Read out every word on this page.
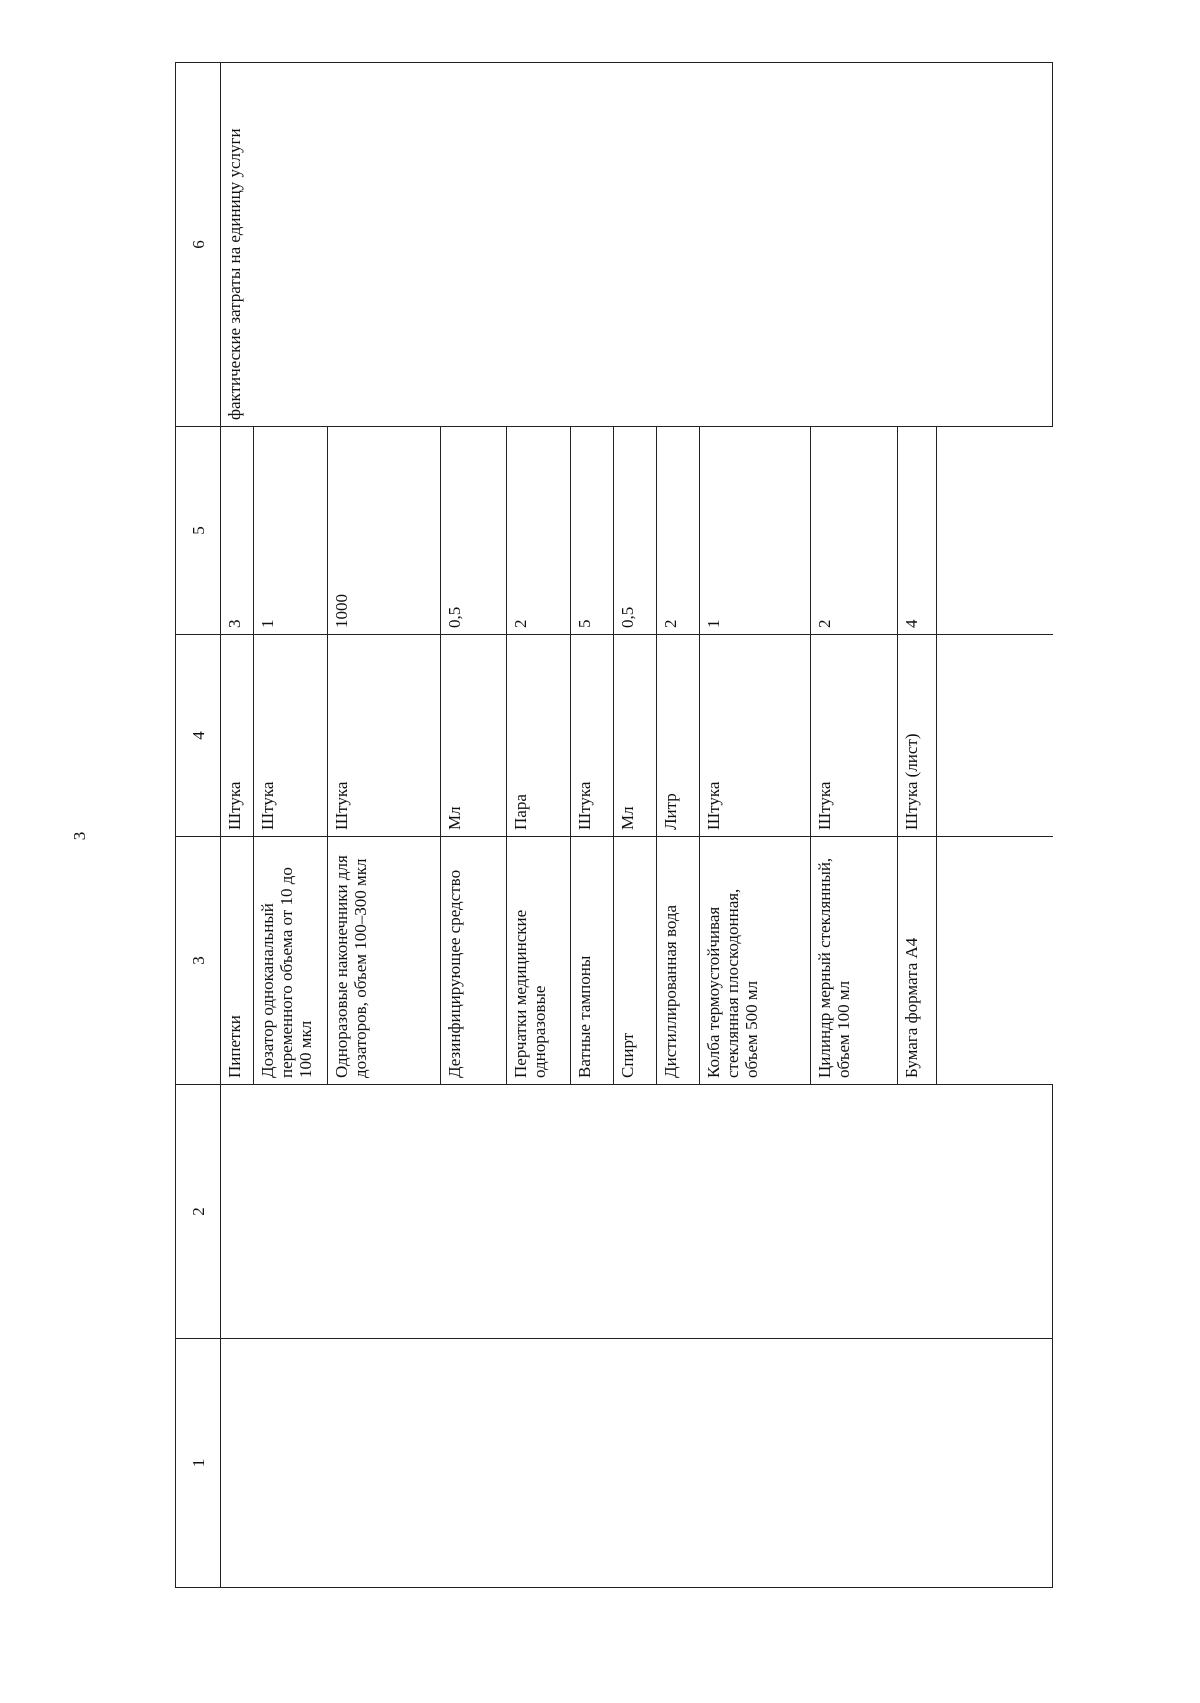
3
1	2	3	4	5	6
		Пипетки	Штука	3	фактические затраты на единицу услуги
		Дозатор одноканальный переменного объема от 10 до 100 мкл	Штука	1	
		Одноразовые наконечники для дозаторов, объем 100–300 мкл	Штука	1000	
		Дезинфицирующее средство	Мл	0,5	
		Перчатки медицинские одноразовые	Пара	2	
		Ватные тампоны	Штука	5	
		Спирт	Мл	0,5	
		Дистиллированная вода	Литр	2	
		Колба термоустойчивая стеклянная плоскодонная, объем 500 мл	Штука	1	
		Цилиндр мерный стеклянный, объем 100 мл	Штука	2	
		Бумага формата А4	Штука (лист)	4	
